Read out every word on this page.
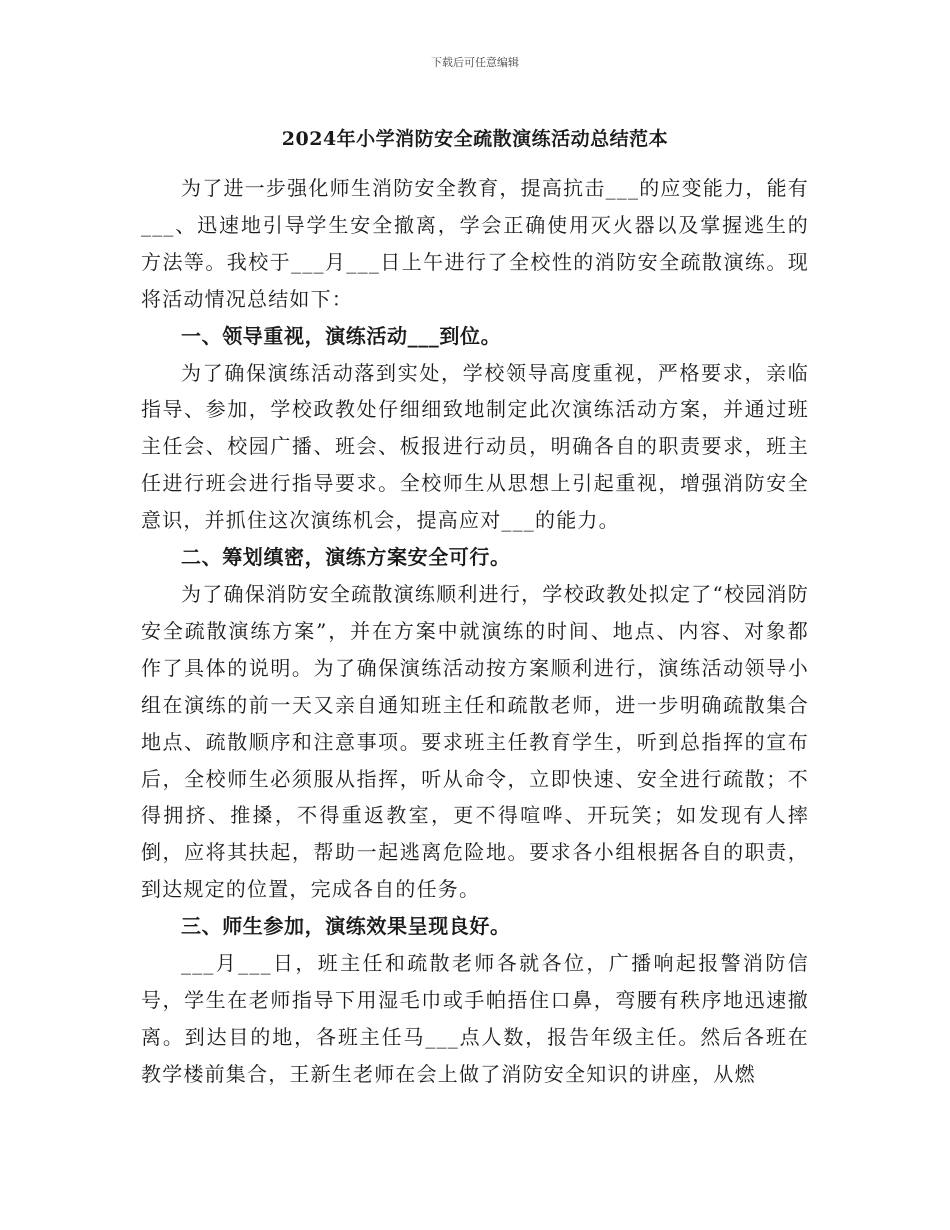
下载后可任意编辑
2024年小学消防安全疏散演练活动总结范本

为了进一步强化师生消防安全教育，提高抗击___的应变能力，能有___、迅速地引导学生安全撤离，学会正确使用灭火器以及掌握逃生的方法等。我校于___月___日上午进行了全校性的消防安全疏散演练。现将活动情况总结如下：

一、领导重视，演练活动___到位。

为了确保演练活动落到实处，学校领导高度重视，严格要求，亲临指导、参加，学校政教处仔细细致地制定此次演练活动方案，并通过班主任会、校园广播、班会、板报进行动员，明确各自的职责要求，班主任进行班会进行指导要求。全校师生从思想上引起重视，增强消防安全意识，并抓住这次演练机会，提高应对___的能力。

二、筹划缜密，演练方案安全可行。

为了确保消防安全疏散演练顺利进行，学校政教处拟定了“校园消防安全疏散演练方案”，并在方案中就演练的时间、地点、内容、对象都作了具体的说明。为了确保演练活动按方案顺利进行，演练活动领导小组在演练的前一天又亲自通知班主任和疏散老师，进一步明确疏散集合地点、疏散顺序和注意事项。要求班主任教育学生，听到总指挥的宣布后，全校师生必须服从指挥，听从命令，立即快速、安全进行疏散；不得拥挤、推搡，不得重返教室，更不得喧哗、开玩笑；如发现有人摔倒，应将其扶起，帮助一起逃离危险地。要求各小组根据各自的职责，到达规定的位置，完成各自的任务。

三、师生参加，演练效果呈现良好。

___月___日，班主任和疏散老师各就各位，广播响起报警消防信号，学生在老师指导下用湿毛巾或手帕捂住口鼻，弯腰有秩序地迅速撤离。到达目的地，各班主任马___点人数，报告年级主任。然后各班在教学楼前集合，王新生老师在会上做了消防安全知识的讲座，从燃
